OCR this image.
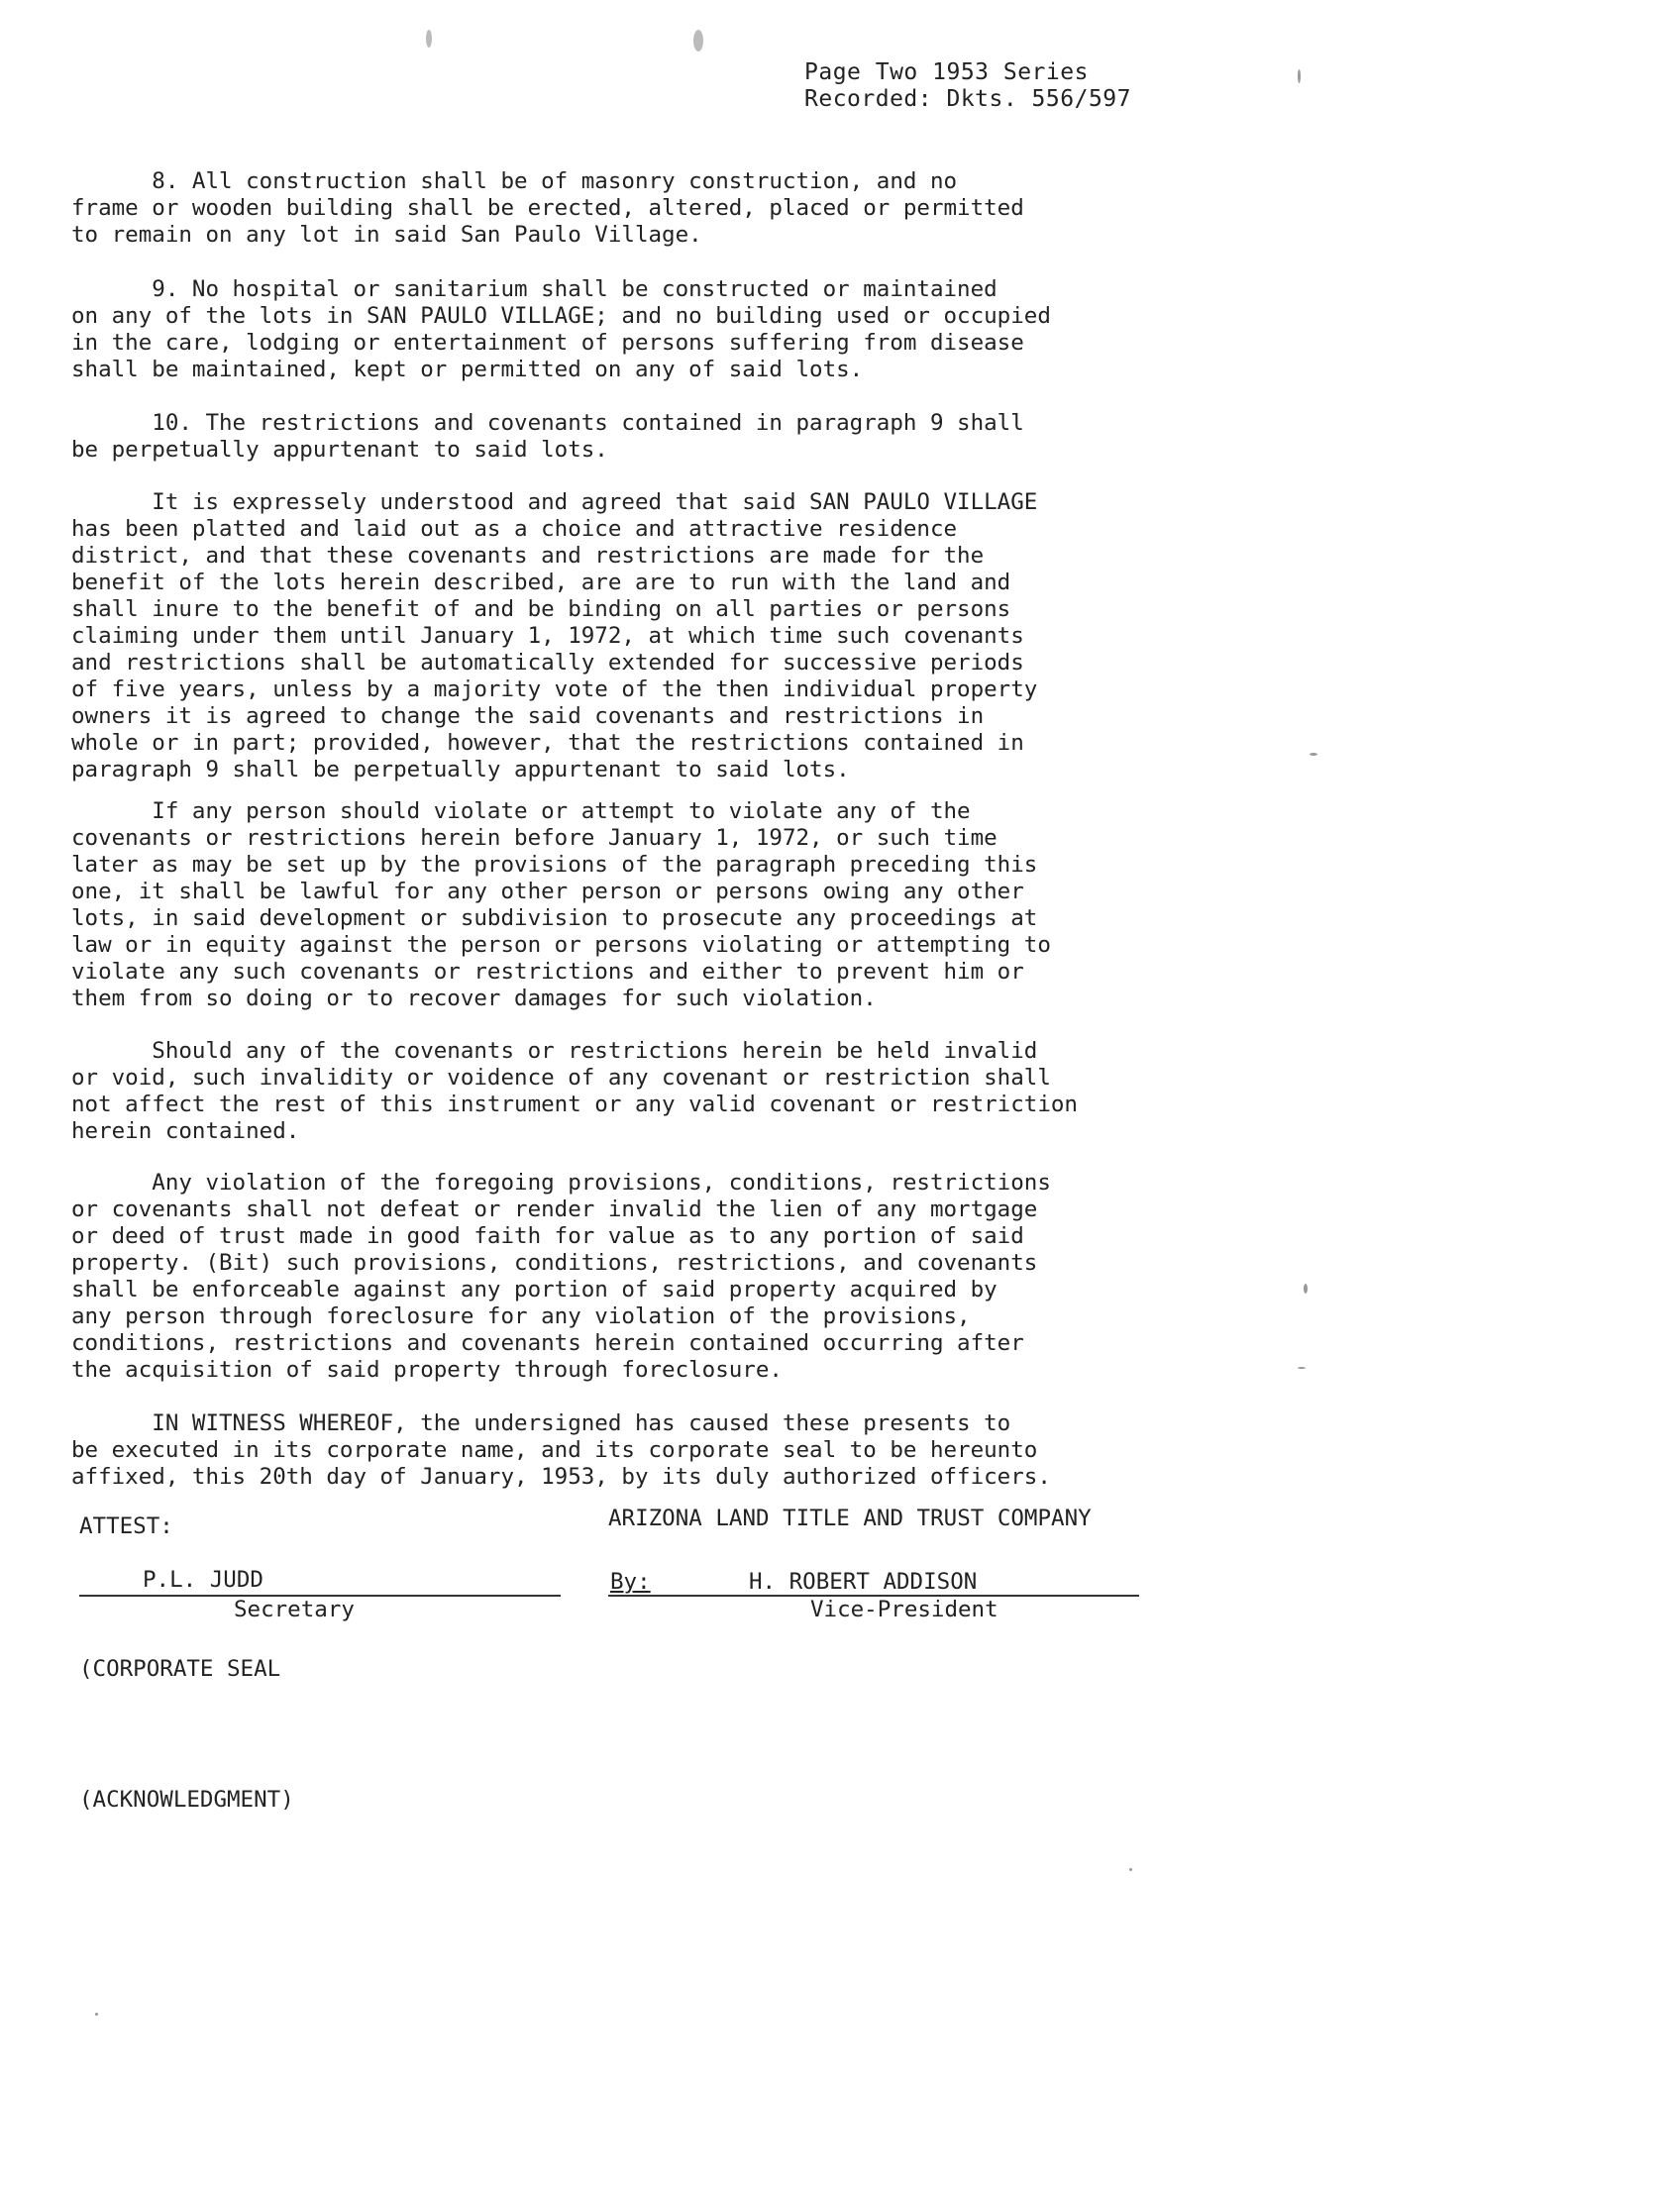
Page Two 1953 Series
Recorded: Dkts. 556/597
8. All construction shall be of masonry construction, and no
frame or wooden building shall be erected, altered, placed or permitted
to remain on any lot in said San Paulo Village.
9. No hospital or sanitarium shall be constructed or maintained
on any of the lots in SAN PAULO VILLAGE; and no building used or occupied
in the care, lodging or entertainment of persons suffering from disease
shall be maintained, kept or permitted on any of said lots.
10. The restrictions and covenants contained in paragraph 9 shall
be perpetually appurtenant to said lots.
It is expressely understood and agreed that said SAN PAULO VILLAGE
has been platted and laid out as a choice and attractive residence
district, and that these covenants and restrictions are made for the
benefit of the lots herein described, are are to run with the land and
shall inure to the benefit of and be binding on all parties or persons
claiming under them until January 1, 1972, at which time such covenants
and restrictions shall be automatically extended for successive periods
of five years, unless by a majority vote of the then individual property
owners it is agreed to change the said covenants and restrictions in
whole or in part; provided, however, that the restrictions contained in
paragraph 9 shall be perpetually appurtenant to said lots.
If any person should violate or attempt to violate any of the
covenants or restrictions herein before January 1, 1972, or such time
later as may be set up by the provisions of the paragraph preceding this
one, it shall be lawful for any other person or persons owing any other
lots, in said development or subdivision to prosecute any proceedings at
law or in equity against the person or persons violating or attempting to
violate any such covenants or restrictions and either to prevent him or
them from so doing or to recover damages for such violation.
Should any of the covenants or restrictions herein be held invalid
or void, such invalidity or voidence of any covenant or restriction shall
not affect the rest of this instrument or any valid covenant or restriction
herein contained.
Any violation of the foregoing provisions, conditions, restrictions
or covenants shall not defeat or render invalid the lien of any mortgage
or deed of trust made in good faith for value as to any portion of said
property. (Bit) such provisions, conditions, restrictions, and covenants
shall be enforceable against any portion of said property acquired by
any person through foreclosure for any violation of the provisions,
conditions, restrictions and covenants herein contained occurring after
the acquisition of said property through foreclosure.
IN WITNESS WHEREOF, the undersigned has caused these presents to
be executed in its corporate name, and its corporate seal to be hereunto
affixed, this 20th day of January, 1953, by its duly authorized officers.
ATTEST:	ARIZONA LAND TITLE AND TRUST COMPANY
P.L. JUDD
Secretary
By:	H. ROBERT ADDISON
Vice-President
(CORPORATE SEAL
(ACKNOWLEDGMENT)
